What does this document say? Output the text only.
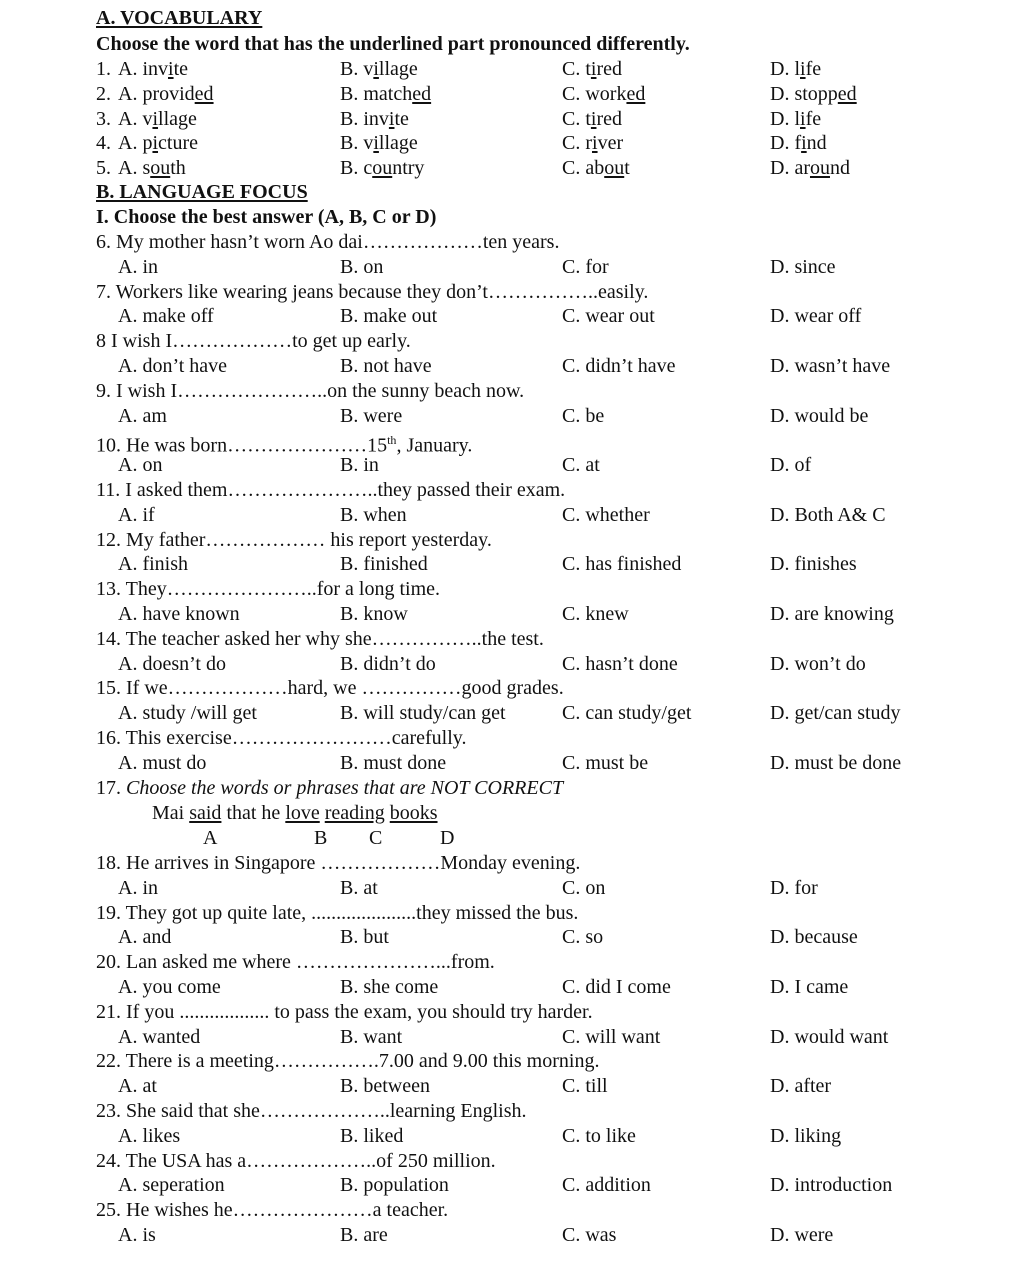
A. VOCABULARY
Choose the word that has the underlined part pronounced differently.
1. A. invite	B. village	C. tired	D. life
2. A. provided	B. matched	C. worked	D. stopped
3. A. village	B. invite	C. tired	D. life
4. A. picture	B. village	C. river	D. find
5. A. south	B. country	C. about	D. around
B. LANGUAGE FOCUS
I. Choose the best answer (A, B, C or D)
6. My mother hasn’t worn Ao dai………………ten years.
A. in	B. on	C. for	D. since
7. Workers like wearing jeans because they don’t……………..easily.
A. make off	B. make out	C. wear out	D. wear off
8 I wish I………………to get up early.
A. don’t have	B. not have	C. didn’t have	D. wasn’t have
9. I wish I…………………..on the sunny beach now.
A. am	B. were	C. be	D. would be
10. He was born…………………15th, January.
A. on	B. in	C. at	D. of
11. I asked them…………………..they passed their exam.
A. if	B. when	C. whether	D. Both A& C
12. My father……………… his report yesterday.
A. finish	B. finished	C. has finished	D. finishes
13. They…………………..for a long time.
A. have known	B. know	C. knew	D. are knowing
14. The teacher asked her why she……………..the test.
A. doesn’t do	B. didn’t do	C. hasn’t done	D. won’t do
15. If we………………hard, we ……………good grades.
A. study /will get	B. will study/can get	C. can study/get	D. get/can study
16. This exercise……………………carefully.
A. must do	B. must done	C. must be	D. must be done
17. Choose the words or phrases that are NOT CORRECT
Mai said that he love reading books
A	B C	D
18. He arrives in Singapore ………………Monday evening.
A. in	B. at	C. on	D. for
19. They got up quite late, .....................they missed the bus.
A. and	B. but	C. so	D. because
20. Lan asked me where …………………...from.
A. you come	B. she come	C. did I come	D. I came
21. If you .................. to pass the exam, you should try harder.
A. wanted	B. want	C. will want	D. would want
22. There is a meeting…………….7.00 and 9.00 this morning.
A. at	B. between	C. till	D. after
23. She said that she………………..learning English.
A. likes	B. liked	C. to like	D. liking
24. The USA has a………………..of 250 million.
A. seperation	B. population	C. addition	D. introduction
25. He wishes he…………………a teacher.
A. is	B. are	C. was	D. were
